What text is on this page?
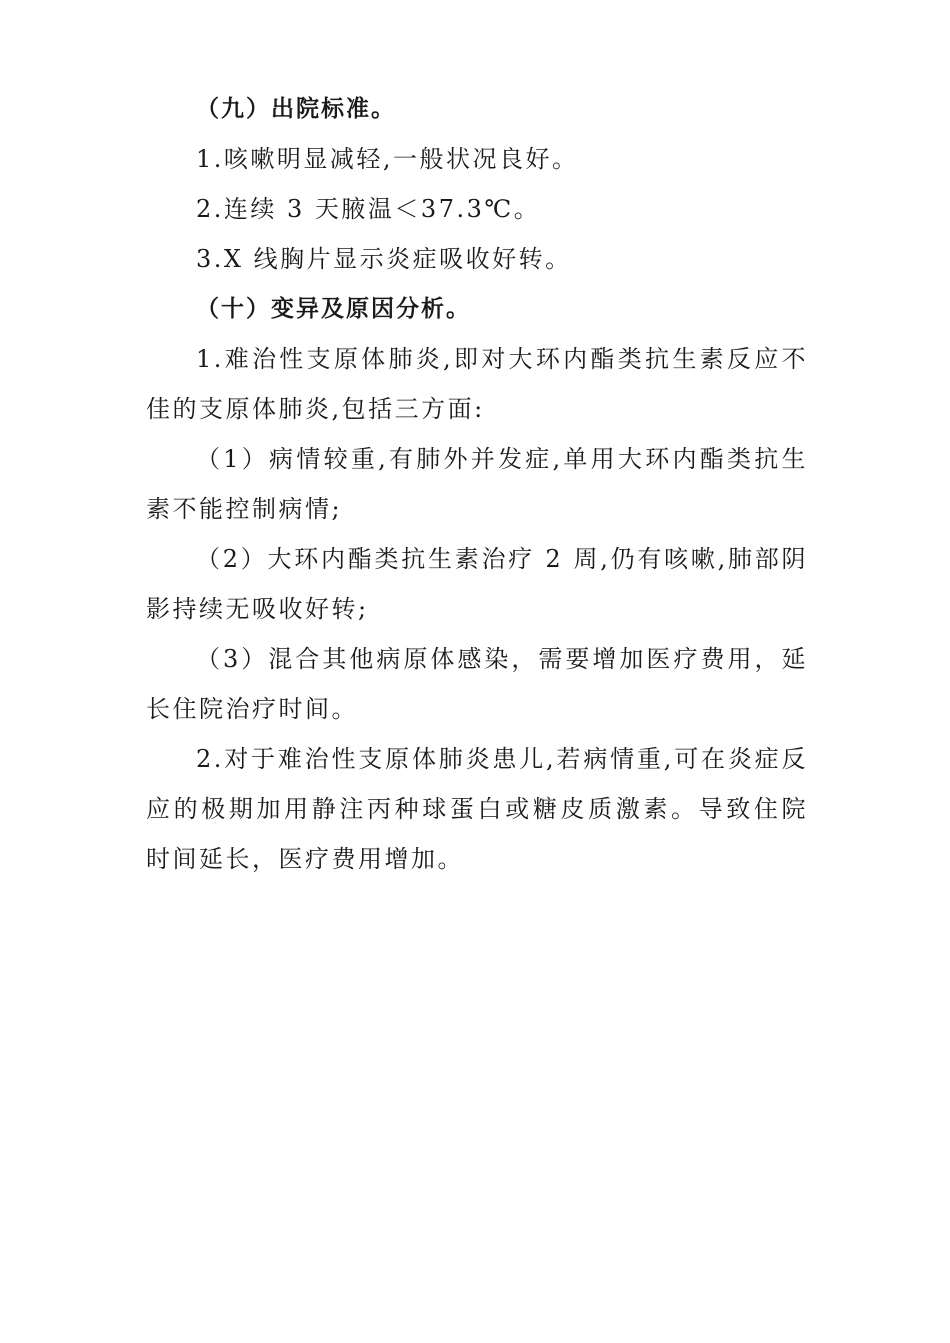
（九）出院标准。

1.咳嗽明显减轻,一般状况良好。

2.连续 3 天腋温＜37.3℃。

3.X 线胸片显示炎症吸收好转。

（十）变异及原因分析。

1.难治性支原体肺炎,即对大环内酯类抗生素反应不佳的支原体肺炎,包括三方面:

（1）病情较重,有肺外并发症,单用大环内酯类抗生素不能控制病情;

（2）大环内酯类抗生素治疗 2 周,仍有咳嗽,肺部阴影持续无吸收好转;

（3）混合其他病原体感染，需要增加医疗费用，延长住院治疗时间。

2.对于难治性支原体肺炎患儿,若病情重,可在炎症反应的极期加用静注丙种球蛋白或糖皮质激素。导致住院时间延长，医疗费用增加。
